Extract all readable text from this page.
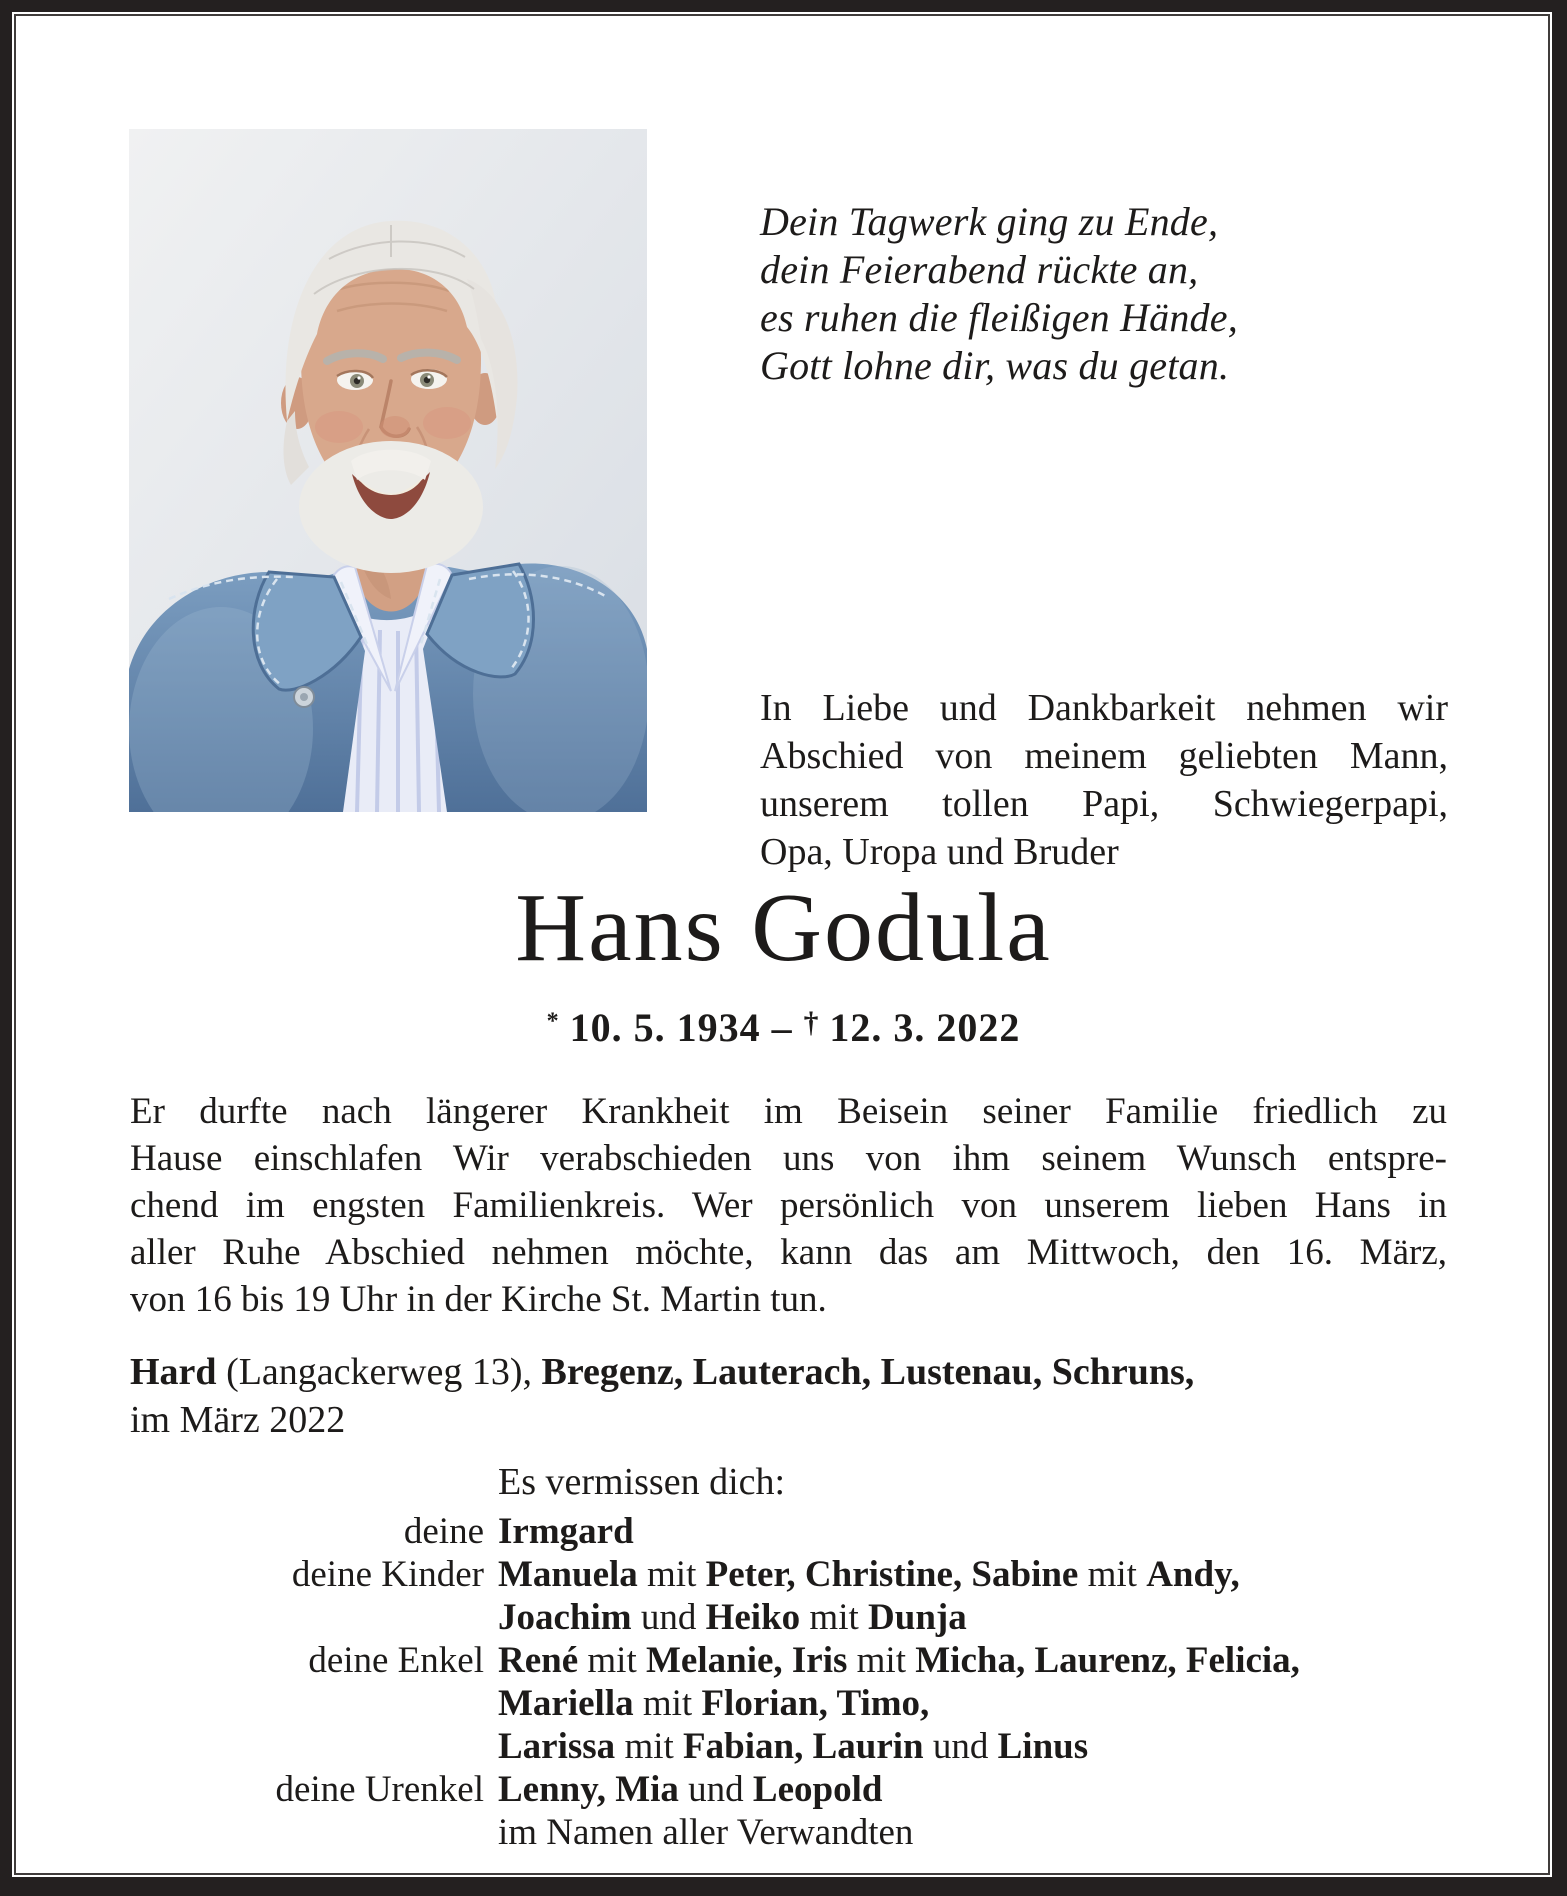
Dein Tagwerk ging zu Ende,
dein Feierabend rückte an,
es ruhen die fleißigen Hände,
Gott lohne dir, was du getan.
In Liebe und Dankbarkeit nehmen wir
Abschied von meinem geliebten Mann,
unserem tollen Papi, Schwiegerpapi,
Opa, Uropa und Bruder
Hans Godula
* 10. 5. 1934 – † 12. 3. 2022
Er durfte nach längerer Krankheit im Beisein seiner Familie friedlich zu
Hause einschlafen Wir verabschieden uns von ihm seinem Wunsch entspre-
chend im engsten Familienkreis. Wer persönlich von unserem lieben Hans in
aller Ruhe Abschied nehmen möchte, kann das am Mittwoch, den 16. März,
von 16 bis 19 Uhr in der Kirche St. Martin tun.
Hard (Langackerweg 13), Bregenz, Lauterach, Lustenau, Schruns,
im März 2022
Es vermissen dich:
deine Irmgard
deine Kinder Manuela mit Peter, Christine, Sabine mit Andy,
Joachim und Heiko mit Dunja
deine Enkel René mit Melanie, Iris mit Micha, Laurenz, Felicia,
Mariella mit Florian, Timo,
Larissa mit Fabian, Laurin und Linus
deine Urenkel Lenny, Mia und Leopold
im Namen aller Verwandten
